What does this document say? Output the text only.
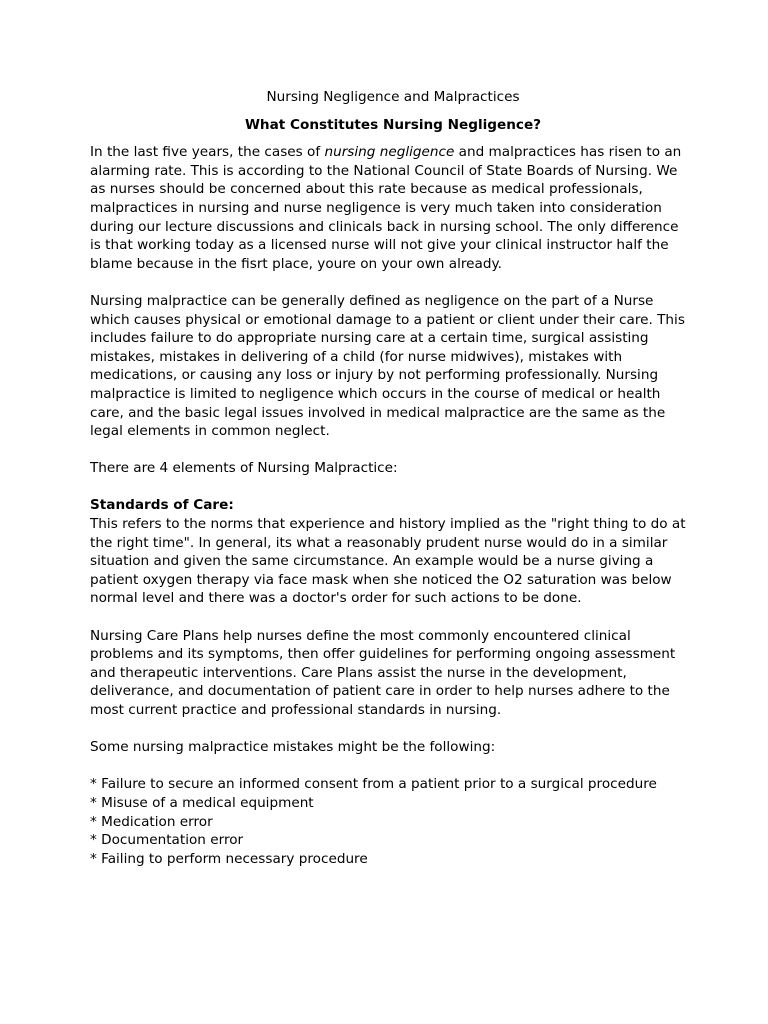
Nursing Negligence and Malpractices
What Constitutes Nursing Negligence?

In the last five years, the cases of nursing negligence and malpractices has risen to an alarming rate. This is according to the National Council of State Boards of Nursing. We as nurses should be concerned about this rate because as medical professionals, malpractices in nursing and nurse negligence is very much taken into consideration during our lecture discussions and clinicals back in nursing school. The only difference is that working today as a licensed nurse will not give your clinical instructor half the blame because in the fisrt place, youre on your own already.

Nursing malpractice can be generally defined as negligence on the part of a Nurse which causes physical or emotional damage to a patient or client under their care. This includes failure to do appropriate nursing care at a certain time, surgical assisting mistakes, mistakes in delivering of a child (for nurse midwives), mistakes with medications, or causing any loss or injury by not performing professionally. Nursing malpractice is limited to negligence which occurs in the course of medical or health care, and the basic legal issues involved in medical malpractice are the same as the legal elements in common neglect.

There are 4 elements of Nursing Malpractice:

Standards of Care:

This refers to the norms that experience and history implied as the "right thing to do at the right time". In general, its what a reasonably prudent nurse would do in a similar situation and given the same circumstance. An example would be a nurse giving a patient oxygen therapy via face mask when she noticed the O2 saturation was below normal level and there was a doctor's order for such actions to be done.

Nursing Care Plans help nurses define the most commonly encountered clinical problems and its symptoms, then offer guidelines for performing ongoing assessment and therapeutic interventions. Care Plans assist the nurse in the development, deliverance, and documentation of patient care in order to help nurses adhere to the most current practice and professional standards in nursing.

Some nursing malpractice mistakes might be the following:

* Failure to secure an informed consent from a patient prior to a surgical procedure
* Misuse of a medical equipment
* Medication error
* Documentation error
* Failing to perform necessary procedure
